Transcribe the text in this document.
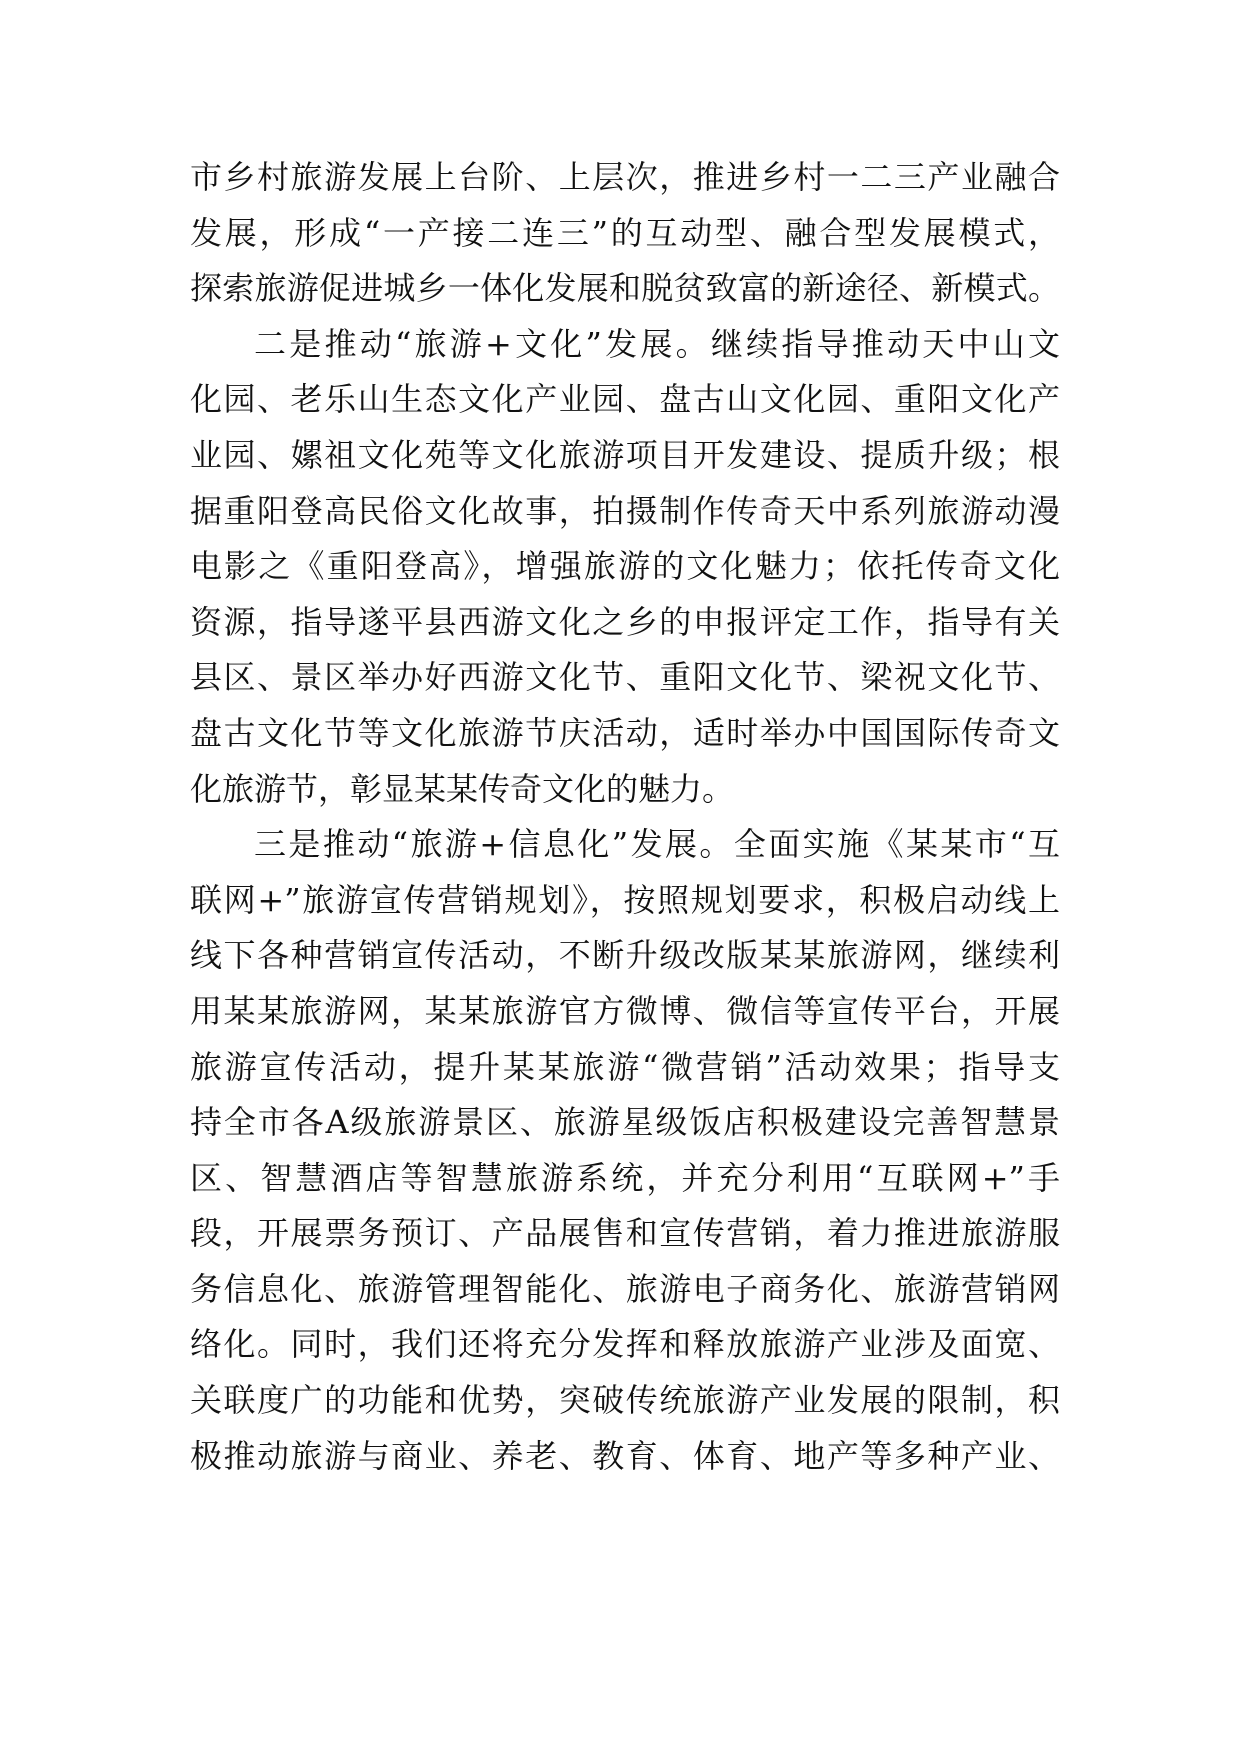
市乡村旅游发展上台阶、上层次，推进乡村一二三产业融合
发展，形成“一产接二连三”的互动型、融合型发展模式，
探索旅游促进城乡一体化发展和脱贫致富的新途径、新模式。
二是推动“旅游+文化”发展。继续指导推动天中山文
化园、老乐山生态文化产业园、盘古山文化园、重阳文化产
业园、嫘祖文化苑等文化旅游项目开发建设、提质升级；根
据重阳登高民俗文化故事，拍摄制作传奇天中系列旅游动漫
电影之《重阳登高》，增强旅游的文化魅力；依托传奇文化
资源，指导遂平县西游文化之乡的申报评定工作，指导有关
县区、景区举办好西游文化节、重阳文化节、梁祝文化节、
盘古文化节等文化旅游节庆活动，适时举办中国国际传奇文
化旅游节，彰显某某传奇文化的魅力。
三是推动“旅游+信息化”发展。全面实施《某某市“互
联网+”旅游宣传营销规划》，按照规划要求，积极启动线上
线下各种营销宣传活动，不断升级改版某某旅游网，继续利
用某某旅游网，某某旅游官方微博、微信等宣传平台，开展
旅游宣传活动，提升某某旅游“微营销”活动效果；指导支
持全市各A级旅游景区、旅游星级饭店积极建设完善智慧景
区、智慧酒店等智慧旅游系统，并充分利用“互联网+”手
段，开展票务预订、产品展售和宣传营销，着力推进旅游服
务信息化、旅游管理智能化、旅游电子商务化、旅游营销网
络化。同时，我们还将充分发挥和释放旅游产业涉及面宽、
关联度广的功能和优势，突破传统旅游产业发展的限制，积
极推动旅游与商业、养老、教育、体育、地产等多种产业、
